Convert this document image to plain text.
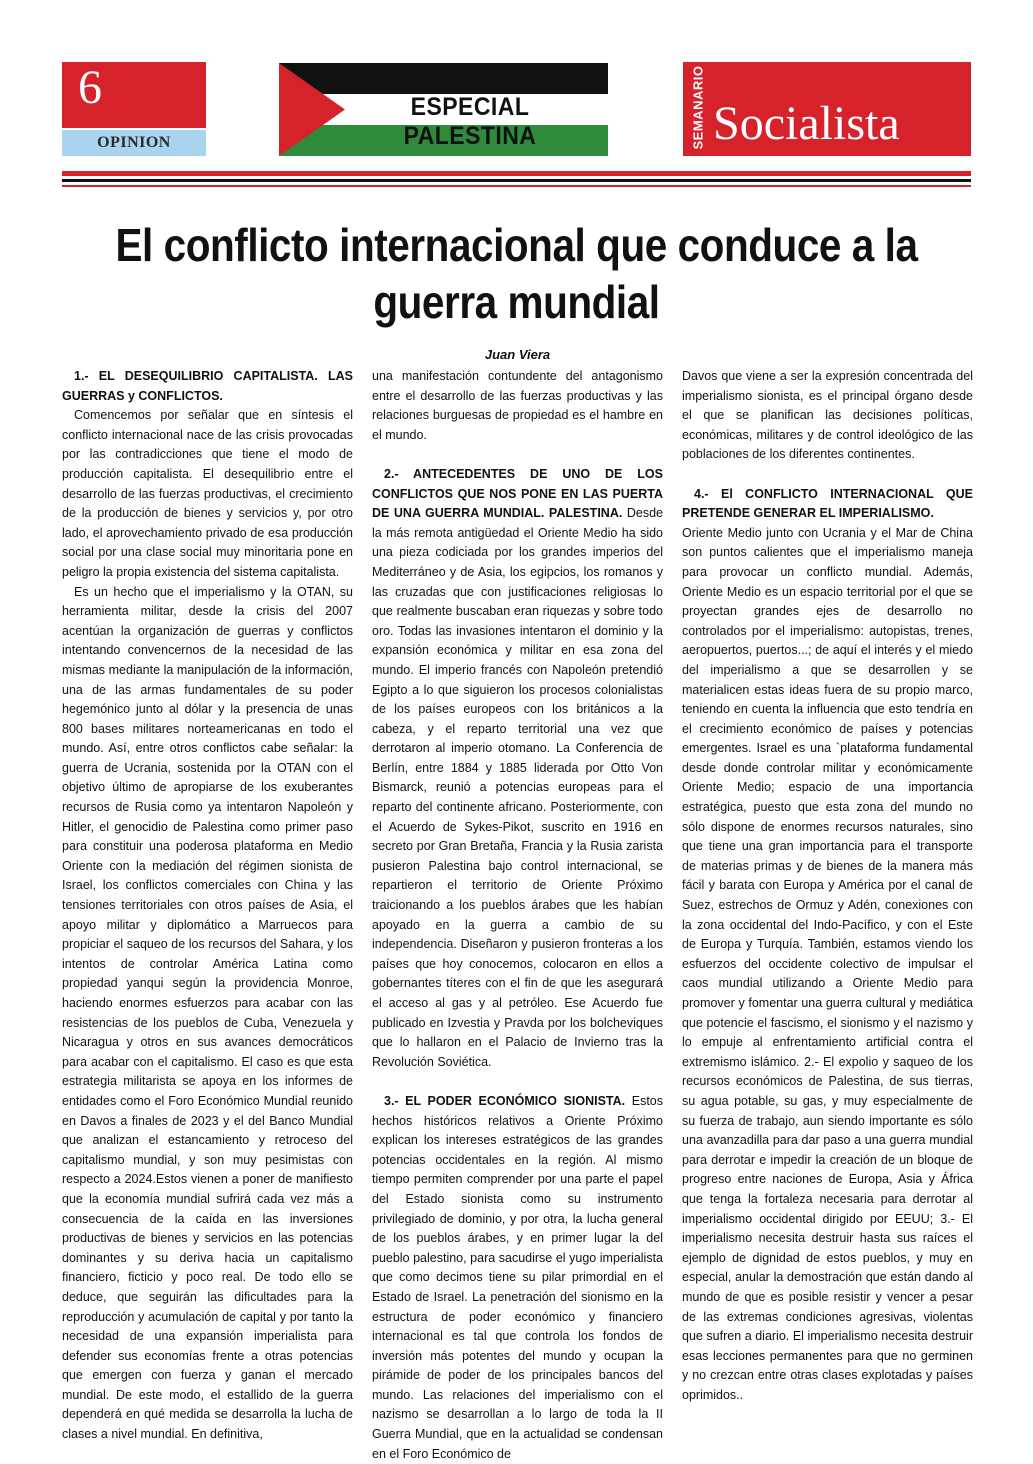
6
OPINION
ESPECIAL PALESTINA	SEMANARIO Socialista
El conflicto internacional que conduce a la
guerra mundial
Juan Viera

1.- EL DESEQUILIBRIO CAPITALISTA. LAS GUERRAS y CONFLICTOS.

Comencemos por señalar que en síntesis el conflicto internacional nace de las crisis provocadas por las contradicciones que tiene el modo de producción capitalista. El desequilibrio entre el desarrollo de las fuerzas productivas, el crecimiento de la producción de bienes y servicios y, por otro lado, el aprovechamiento privado de esa producción social por una clase social muy minoritaria pone en peligro la propia existencia del sistema capitalista.

Es un hecho que el imperialismo y la OTAN, su herramienta militar, desde la crisis del 2007 acentúan la organización de guerras y conflictos intentando convencernos de la necesidad de las mismas mediante la manipulación de la información, una de las armas fundamentales de su poder hegemónico junto al dólar y la presencia de unas 800 bases militares norteamericanas en todo el mundo. Así, entre otros conflictos cabe señalar: la guerra de Ucrania, sostenida por la OTAN con el objetivo último de apropiarse de los exuberantes recursos de Rusia como ya intentaron Napoleón y Hitler, el genocidio de Palestina como primer paso para constituir una poderosa plataforma en Medio Oriente con la mediación del régimen sionista de Israel, los conflictos comerciales con China y las tensiones territoriales con otros países de Asia, el apoyo militar y diplomático a Marruecos para propiciar el saqueo de los recursos del Sahara, y los intentos de controlar América Latina como propiedad yanqui según la providencia Monroe, haciendo enormes esfuerzos para acabar con las resistencias de los pueblos de Cuba, Venezuela y Nicaragua y otros en sus avances democráticos para acabar con el capitalismo. El caso es que esta estrategia militarista se apoya en los informes de entidades como el Foro Económico Mundial reunido en Davos a finales de 2023 y el del Banco Mundial que analizan el estancamiento y retroceso del capitalismo mundial, y son muy pesimistas con respecto a 2024.Estos vienen a poner de manifiesto que la economía mundial sufrirá cada vez más a consecuencia de la caída en las inversiones productivas de bienes y servicios en las potencias dominantes y su deriva hacia un capitalismo financiero, ficticio y poco real. De todo ello se deduce, que seguirán las dificultades para la reproducción y acumulación de capital y por tanto la necesidad de una expansión imperialista para defender sus economías frente a otras potencias que emergen con fuerza y ganan el mercado mundial. De este modo, el estallido de la guerra dependerá en qué medida se desarrolla la lucha de clases a nivel mundial. En definitiva,

una manifestación contundente del antagonismo entre el desarrollo de las fuerzas productivas y las relaciones burguesas de propiedad es el hambre en el mundo.

2.- ANTECEDENTES DE UNO DE LOS CONFLICTOS QUE NOS PONE EN LAS PUERTA DE UNA GUERRA MUNDIAL. PALESTINA. Desde la más remota antigüedad el Oriente Medio ha sido una pieza codiciada por los grandes imperios del Mediterráneo y de Asia, los egipcios, los romanos y las cruzadas que con justificaciones religiosas lo que realmente buscaban eran riquezas y sobre todo oro. Todas las invasiones intentaron el dominio y la expansión económica y militar en esa zona del mundo. El imperio francés con Napoleón pretendió Egipto a lo que siguieron los procesos colonialistas de los países europeos con los británicos a la cabeza, y el reparto territorial una vez que derrotaron al imperio otomano. La Conferencia de Berlín, entre 1884 y 1885 liderada por Otto Von Bismarck, reunió a potencias europeas para el reparto del continente africano. Posteriormente, con el Acuerdo de Sykes-Pikot, suscrito en 1916 en secreto por Gran Bretaña, Francia y la Rusia zarista pusieron Palestina bajo control internacional, se repartieron el territorio de Oriente Próximo traicionando a los pueblos árabes que les habían apoyado en la guerra a cambio de su independencia. Diseñaron y pusieron fronteras a los países que hoy conocemos, colocaron en ellos a gobernantes títeres con el fin de que les asegurará el acceso al gas y al petróleo. Ese Acuerdo fue publicado en Izvestia y Pravda por los bolcheviques que lo hallaron en el Palacio de Invierno tras la Revolución Soviética.

3.- EL PODER ECONÓMICO SIONISTA. Estos hechos históricos relativos a Oriente Próximo explican los intereses estratégicos de las grandes potencias occidentales en la región. Al mismo tiempo permiten comprender por una parte el papel del Estado sionista como su instrumento privilegiado de dominio, y por otra, la lucha general de los pueblos árabes, y en primer lugar la del pueblo palestino, para sacudirse el yugo imperialista que como decimos tiene su pilar primordial en el Estado de Israel. La penetración del sionismo en la estructura de poder económico y financiero internacional es tal que controla los fondos de inversión más potentes del mundo y ocupan la pirámide de poder de los principales bancos del mundo. Las relaciones del imperialismo con el nazismo se desarrollan a lo largo de toda la II Guerra Mundial, que en la actualidad se condensan en el Foro Económico de

Davos que viene a ser la expresión concentrada del imperialismo sionista, es el principal órgano desde el que se planifican las decisiones políticas, económicas, militares y de control ideológico de las poblaciones de los diferentes continentes.

4.- El CONFLICTO INTERNACIONAL QUE PRETENDE GENERAR EL IMPERIALISMO.

Oriente Medio junto con Ucrania y el Mar de China son puntos calientes que el imperialismo maneja para provocar un conflicto mundial. Además, Oriente Medio es un espacio territorial por el que se proyectan grandes ejes de desarrollo no controlados por el imperialismo: autopistas, trenes, aeropuertos, puertos...; de aquí el interés y el miedo del imperialismo a que se desarrollen y se materialicen estas ideas fuera de su propio marco, teniendo en cuenta la influencia que esto tendría en el crecimiento económico de países y potencias emergentes. Israel es una `plataforma fundamental desde donde controlar militar y económicamente Oriente Medio; espacio de una importancia estratégica, puesto que esta zona del mundo no sólo dispone de enormes recursos naturales, sino que tiene una gran importancia para el transporte de materias primas y de bienes de la manera más fácil y barata con Europa y América por el canal de Suez, estrechos de Ormuz y Adén, conexiones con la zona occidental del Indo-Pacífico, y con el Este de Europa y Turquía. También, estamos viendo los esfuerzos del occidente colectivo de impulsar el caos mundial utilizando a Oriente Medio para promover y fomentar una guerra cultural y mediática que potencie el fascismo, el sionismo y el nazismo y lo empuje al enfrentamiento artificial contra el extremismo islámico. 2.- El expolio y saqueo de los recursos económicos de Palestina, de sus tierras, su agua potable, su gas, y muy especialmente de su fuerza de trabajo, aun siendo importante es sólo una avanzadilla para dar paso a una guerra mundial para derrotar e impedir la creación de un bloque de progreso entre naciones de Europa, Asia y África que tenga la fortaleza necesaria para derrotar al imperialismo occidental dirigido por EEUU; 3.- El imperialismo necesita destruir hasta sus raíces el ejemplo de dignidad de estos pueblos, y muy en especial, anular la demostración que están dando al mundo de que es posible resistir y vencer a pesar de las extremas condiciones agresivas, violentas que sufren a diario. El imperialismo necesita destruir esas lecciones permanentes para que no germinen y no crezcan entre otras clases explotadas y países oprimidos..
